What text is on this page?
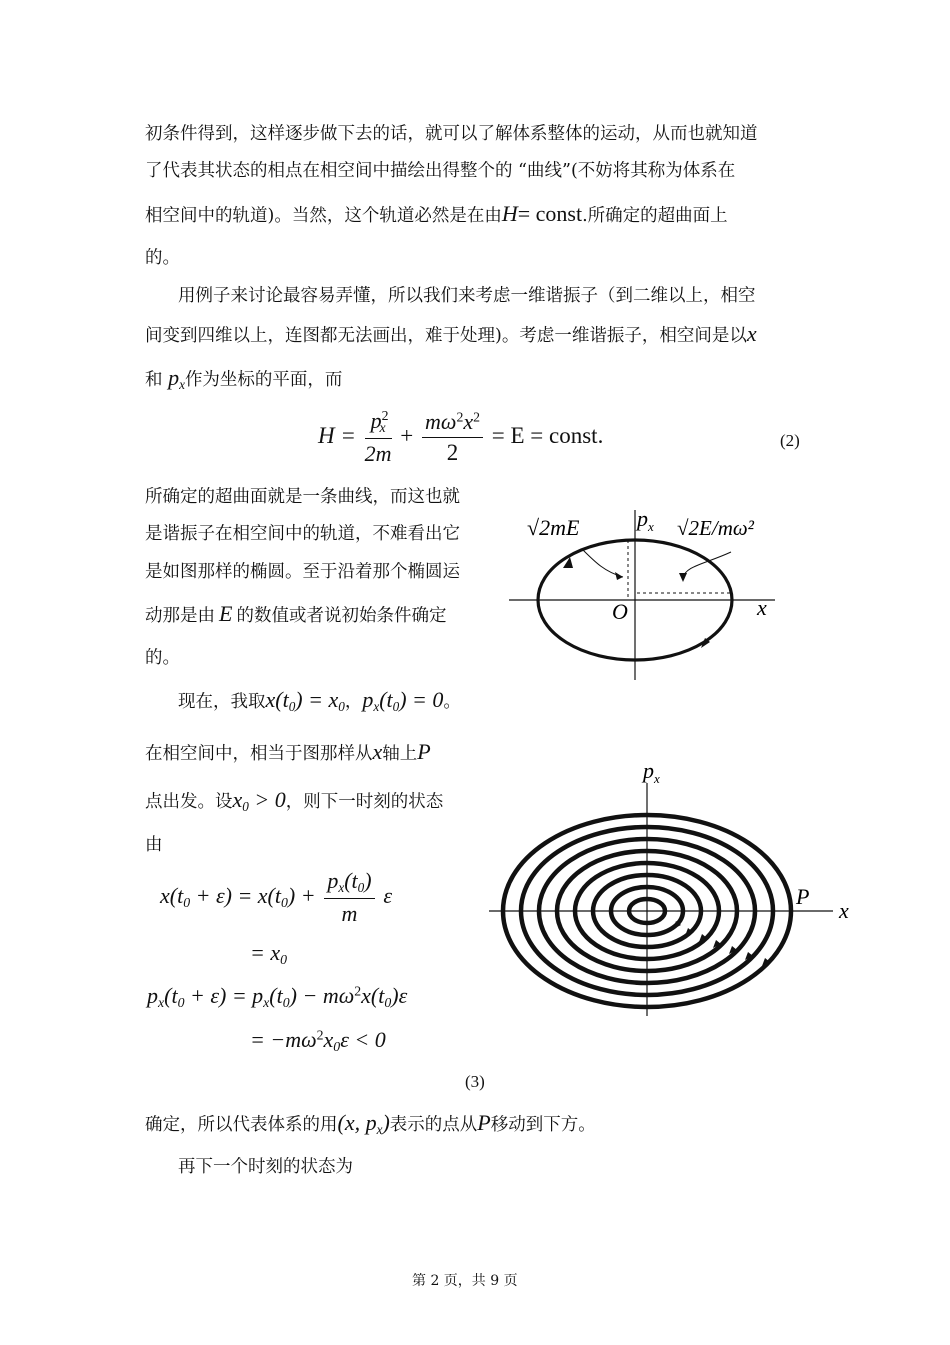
初条件得到，这样逐步做下去的话，就可以了解体系整体的运动，从而也就知道
了代表其状态的相点在相空间中描绘出得整个的 “曲线”(不妨将其称为体系在
相空间中的轨道)。当然，这个轨道必然是在由H= const.所确定的超曲面上
的。
用例子来讨论最容易弄懂，所以我们来考虑一维谐振子（到二维以上，相空
间变到四维以上，连图都无法画出，难于处理)。考虑一维谐振子，相空间是以x
和 $p_x$作为坐标的平面，而
$H = \frac{p^2_x}{2m} + \frac{m\omega^2x^2}{2} = E$ = const.	(2)
所确定的超曲面就是一条曲线，而这也就
是谐振子在相空间中的轨道，不难看出它
是如图那样的椭圆。至于沿着那个椭圆运
动那是由 E 的数值或者说初始条件确定
的。
√2mE	$p_x$ √2E/mω²
O	x
现在，我取$x(t_0) = x_0$，$p_x(t_0) = 0$。
在相空间中，相当于图那样从x轴上P
点出发。设$x_0 > 0$，则下一时刻的状态
由
$x(t_0 + \varepsilon) = x(t_0) + \frac{p_x(t_0)}{m}$ ε
= $x_0$
$p_x(t_0 + \varepsilon) = p_x(t_0) - m\omega^2x(t_0)\varepsilon$
= $-m\omega^2x_0\varepsilon < 0$
(3)
$p_x$
P
x
确定，所以代表体系的用(x, $p_x$)表示的点从P移动到下方。
再下一个时刻的状态为
第 2 页，共 9 页
